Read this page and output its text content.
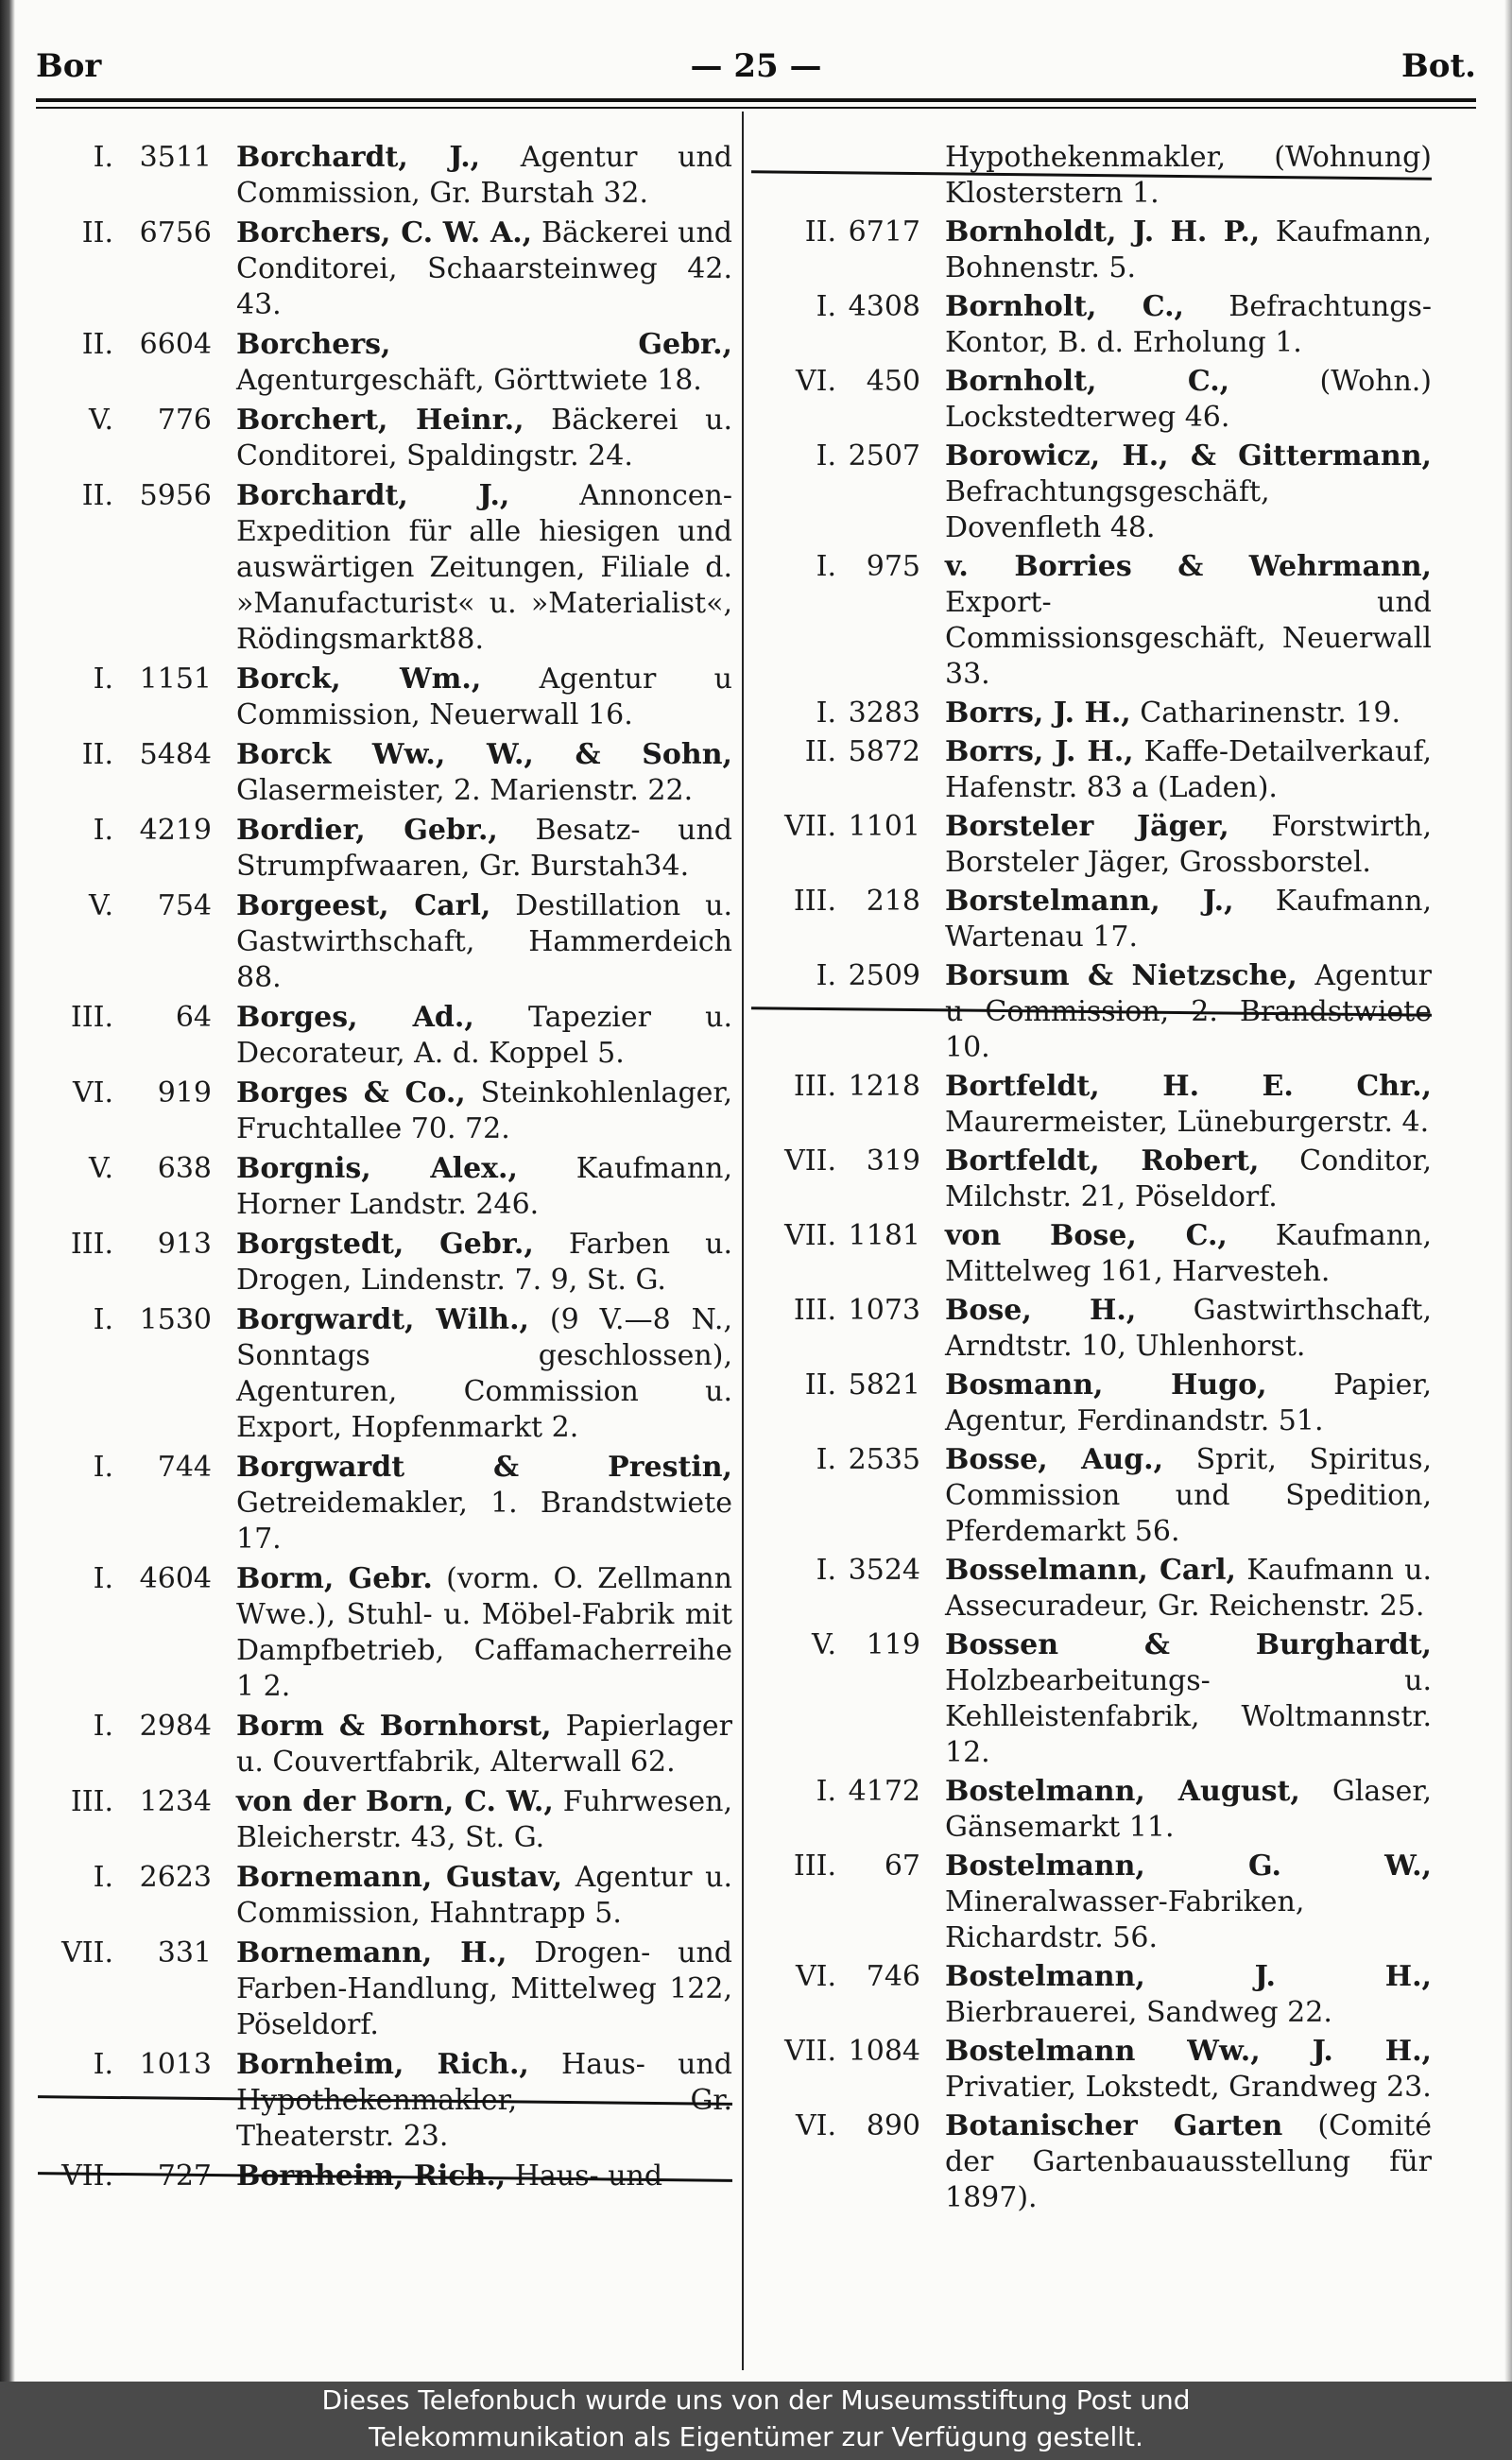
Bor	— 25 —	Bot.
I. 3511 Borchardt, J., Agentur und Commission, Gr. Burstah 32.
II. 6756 Borchers, C. W. A., Bäckerei und Conditorei, Schaarsteinweg 42. 43.
II. 6604 Borchers, Gebr., Agenturgeschäft, Görttwiete 18.
V. 776 Borchert, Heinr., Bäckerei u. Conditorei, Spaldingstr. 24.
II. 5956 Borchardt, J., Annoncen-Expedition für alle hiesigen und auswärtigen Zeitungen, Filiale d. »Manufacturist« u. »Materialist«, Rödingsmarkt88.
I. 1151 Borck, Wm., Agentur u Commission, Neuerwall 16.
II. 5484 Borck Ww., W., & Sohn, Glasermeister, 2. Marienstr. 22.
I. 4219 Bordier, Gebr., Besatz- und Strumpfwaaren, Gr. Burstah34.
V. 754 Borgeest, Carl, Destillation u. Gastwirthschaft, Hammerdeich 88.
III. 64 Borges, Ad., Tapezier u. Decorateur, A. d. Koppel 5.
VI. 919 Borges & Co., Steinkohlenlager, Fruchtallee 70. 72.
V. 638 Borgnis, Alex., Kaufmann, Horner Landstr. 246.
III. 913 Borgstedt, Gebr., Farben u. Drogen, Lindenstr. 7. 9, St. G.
I. 1530 Borgwardt, Wilh., (9 V.—8 N., Sonntags geschlossen), Agenturen, Commission u. Export, Hopfenmarkt 2.
I. 744 Borgwardt & Prestin, Getreidemakler, 1. Brandstwiete 17.
I. 4604 Borm, Gebr. (vorm. O. Zellmann Wwe.), Stuhl- u. Möbel-Fabrik mit Dampfbetrieb, Caffamacherreihe 1 2.
I. 2984 Borm & Bornhorst, Papierlager u. Couvertfabrik, Alterwall 62.
III. 1234 von der Born, C. W., Fuhrwesen, Bleicherstr. 43, St. G.
I. 2623 Bornemann, Gustav, Agentur u. Commission, Hahntrapp 5.
VII. 331 Bornemann, H., Drogen- und Farben-Handlung, Mittelweg 122, Pöseldorf.
I. 1013 Bornheim, Rich., Haus- und Hypothekenmakler, Gr. Theaterstr. 23.
VII. 727 Bornheim, Rich., Haus- und
Hypothekenmakler, (Wohnung) Klosterstern 1.
II. 6717 Bornholdt, J. H. P., Kaufmann, Bohnenstr. 5.
I. 4308 Bornholt, C., Befrachtungs-Kontor, B. d. Erholung 1.
VI. 450 Bornholt, C., (Wohn.) Lockstedterweg 46.
I. 2507 Borowicz, H., & Gittermann, Befrachtungsgeschäft, Dovenfleth 48.
I. 975 v. Borries & Wehrmann, Export- und Commissionsgeschäft, Neuerwall 33.
I. 3283 Borrs, J. H., Catharinenstr. 19.
II. 5872 Borrs, J. H., Kaffe-Detailverkauf, Hafenstr. 83 a (Laden).
VII. 1101 Borsteler Jäger, Forstwirth, Borsteler Jäger, Grossborstel.
III. 218 Borstelmann, J., Kaufmann, Wartenau 17.
I. 2509 Borsum & Nietzsche, Agentur u Commission, 2. Brandstwiete 10.
III. 1218 Bortfeldt, H. E. Chr., Maurermeister, Lüneburgerstr. 4.
VII. 319 Bortfeldt, Robert, Conditor, Milchstr. 21, Pöseldorf.
VII. 1181 von Bose, C., Kaufmann, Mittelweg 161, Harvesteh.
III. 1073 Bose, H., Gastwirthschaft, Arndtstr. 10, Uhlenhorst.
II. 5821 Bosmann, Hugo, Papier, Agentur, Ferdinandstr. 51.
I. 2535 Bosse, Aug., Sprit, Spiritus, Commission und Spedition, Pferdemarkt 56.
I. 3524 Bosselmann, Carl, Kaufmann u. Assecuradeur, Gr. Reichenstr. 25.
V. 119 Bossen & Burghardt, Holzbearbeitungs- u. Kehlleistenfabrik, Woltmannstr. 12.
I. 4172 Bostelmann, August, Glaser, Gänsemarkt 11.
III. 67 Bostelmann, G. W., Mineralwasser-Fabriken, Richardstr. 56.
VI. 746 Bostelmann, J. H., Bierbrauerei, Sandweg 22.
VII. 1084 Bostelmann Ww., J. H., Privatier, Lokstedt, Grandweg 23.
VI. 890 Botanischer Garten (Comité der Gartenbauausstellung für 1897).
Dieses Telefonbuch wurde uns von der Museumsstiftung Post und
Telekommunikation als Eigentümer zur Verfügung gestellt.
